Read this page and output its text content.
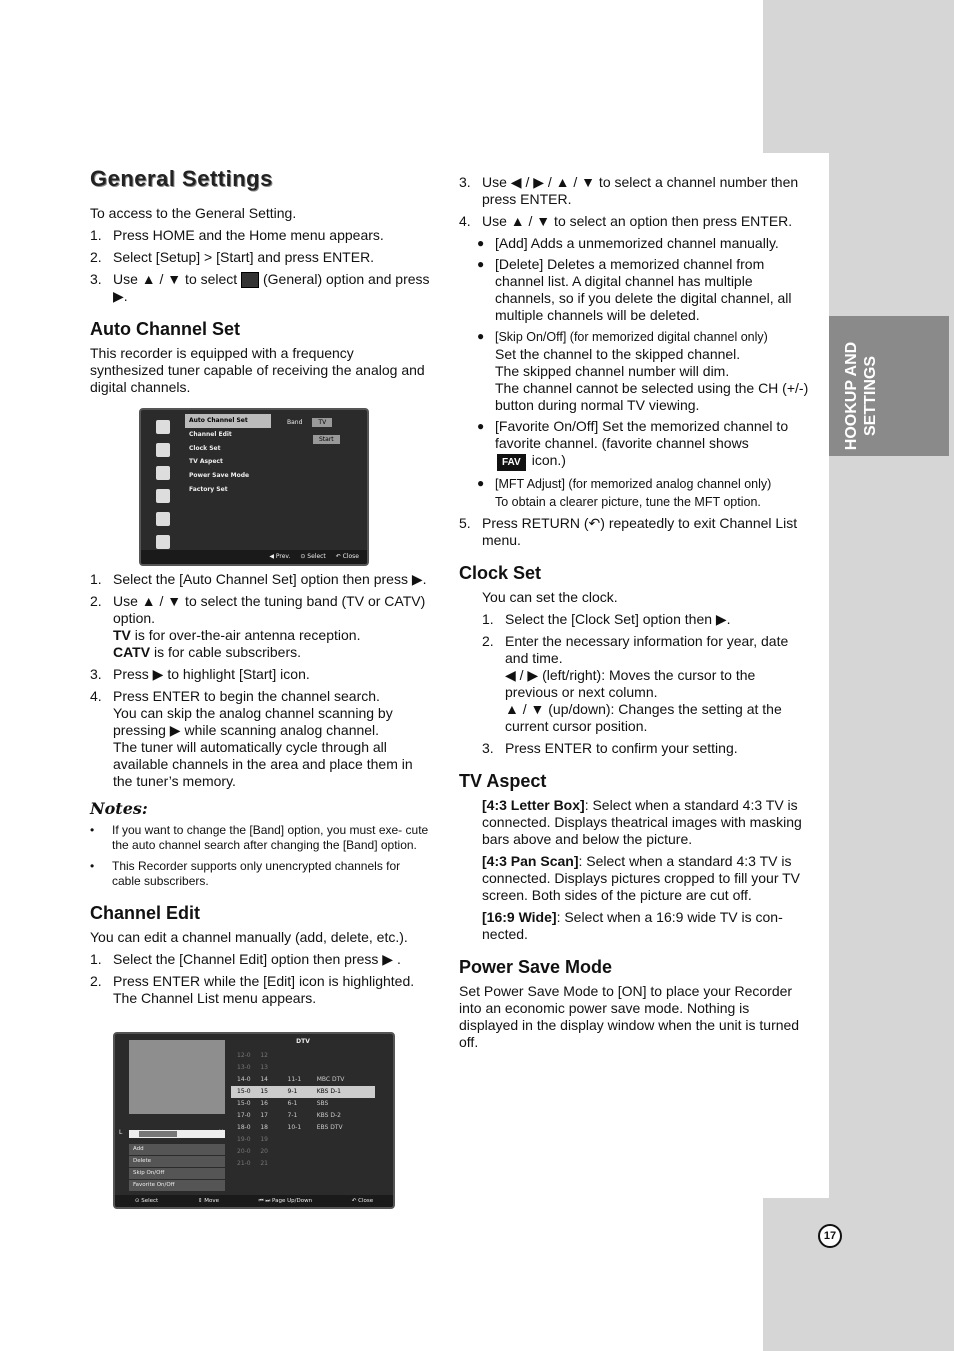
HOOKUP AND SETTINGS
17
General Settings

To access to the General Setting.

1. Press HOME and the Home menu appears.
2. Select [Setup] > [Start] and press ENTER.
3. Use ▲ / ▼ to select (General) option and press ▶.
Auto Channel Set

This recorder is equipped with a frequency synthesized tuner capable of receiving the analog and digital channels.

1. Select the [Auto Channel Set] option then press ▶.
2. Use ▲ / ▼ to select the tuning band (TV or CATV) option.
TV is for over-the-air antenna reception.
CATV is for cable subscribers.
3. Press ▶ to highlight [Start] icon.
4. Press ENTER to begin the channel search.
You can skip the analog channel scanning by pressing ▶ while scanning analog channel.
The tuner will automatically cycle through all available channels in the area and place them in the tuner’s memory.
Notes:
• If you want to change the [Band] option, you must exe- cute the auto channel search after changing the [Band] option.
• This Recorder supports only unencrypted channels for cable subscribers.
Channel Edit

You can edit a channel manually (add, delete, etc.).

1. Select the [Channel Edit] option then press ▶ .
2. Press ENTER while the [Edit] icon is highlighted. The Channel List menu appears.
Auto Channel Set
Channel Edit
Clock Set
TV Aspect
Power Save Mode
Factory Set
Band	TV
Start
◀ Prev. ⊙ Select ↶ Close
L	H
Add
Delete
Skip On/Off
Favorite On/Off
DTV
12-0	12
13-0	13
14-0	14	11-1	MBC DTV
15-0	15	9-1	KBS D-1
15-0	16	6-1	SBS
17-0	17	7-1	KBS D-2
18-0	18	10-1	EBS DTV
19-0	19
20-0	20
21-0	21
⊙ Select	⇕ Move	⏮ ⏭ Page Up/Down	↶ Close
3. Use ◀ / ▶ / ▲ / ▼ to select a channel number then press ENTER.
4. Use ▲ / ▼ to select an option then press ENTER.
● [Add] Adds a unmemorized channel manually.
● [Delete] Deletes a memorized channel from channel list. A digital channel has multiple channels, so if you delete the digital channel, all multiple channels will be deleted.
● [Skip On/Off] (for memorized digital channel only)
Set the channel to the skipped channel.
The skipped channel number will dim.
The channel cannot be selected using the CH (+/-) button during normal TV viewing.
● [Favorite On/Off] Set the memorized channel to favorite channel. (favorite channel shows
FAV icon.)
● [MFT Adjust] (for memorized analog channel only)
To obtain a clearer picture, tune the MFT option.
5. Press RETURN (↶) repeatedly to exit Channel List menu.
Clock Set

You can set the clock.

1. Select the [Clock Set] option then ▶.
2. Enter the necessary information for year, date and time.
◀ / ▶ (left/right): Moves the cursor to the previous or next column.
▲ / ▼ (up/down): Changes the setting at the current cursor position.
3. Press ENTER to confirm your setting.
TV Aspect

[4:3 Letter Box]: Select when a standard 4:3 TV is connected. Displays theatrical images with masking bars above and below the picture.

[4:3 Pan Scan]: Select when a standard 4:3 TV is connected. Displays pictures cropped to fill your TV screen. Both sides of the picture are cut off.

[16:9 Wide]: Select when a 16:9 wide TV is con- nected.

Power Save Mode

Set Power Save Mode to [ON] to place your Recorder into an economic power save mode. Nothing is displayed in the display window when the unit is turned off.
